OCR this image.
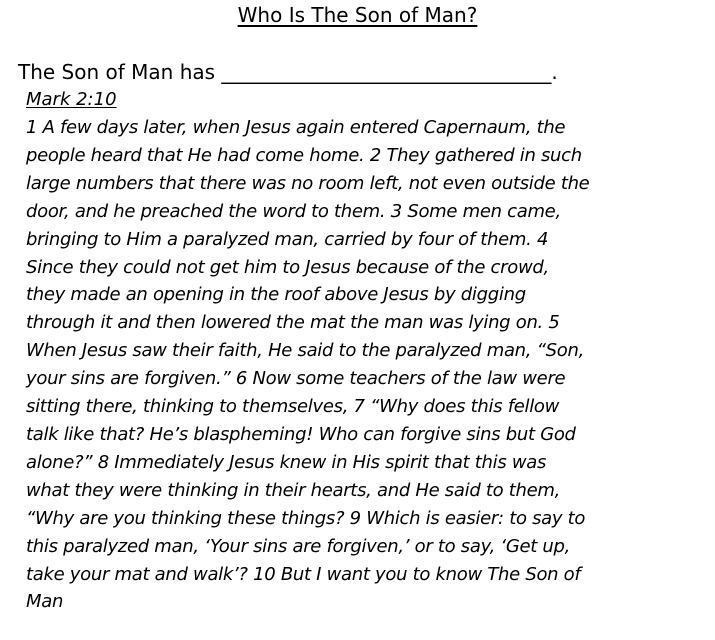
Who Is The Son of Man?
The Son of Man has _________________________________.
Mark 2:10
1 A few days later, when Jesus again entered Capernaum, the
people heard that He had come home. 2 They gathered in such
large numbers that there was no room left, not even outside the
door, and he preached the word to them. 3 Some men came,
bringing to Him a paralyzed man, carried by four of them. 4
Since they could not get him to Jesus because of the crowd,
they made an opening in the roof above Jesus by digging
through it and then lowered the mat the man was lying on. 5
When Jesus saw their faith, He said to the paralyzed man, “Son,
your sins are forgiven.” 6 Now some teachers of the law were
sitting there, thinking to themselves, 7 “Why does this fellow
talk like that? He’s blaspheming! Who can forgive sins but God
alone?” 8 Immediately Jesus knew in His spirit that this was
what they were thinking in their hearts, and He said to them,
“Why are you thinking these things? 9 Which is easier: to say to
this paralyzed man, ‘Your sins are forgiven,’ or to say, ‘Get up,
take your mat and walk’? 10 But I want you to know The Son of
Man
